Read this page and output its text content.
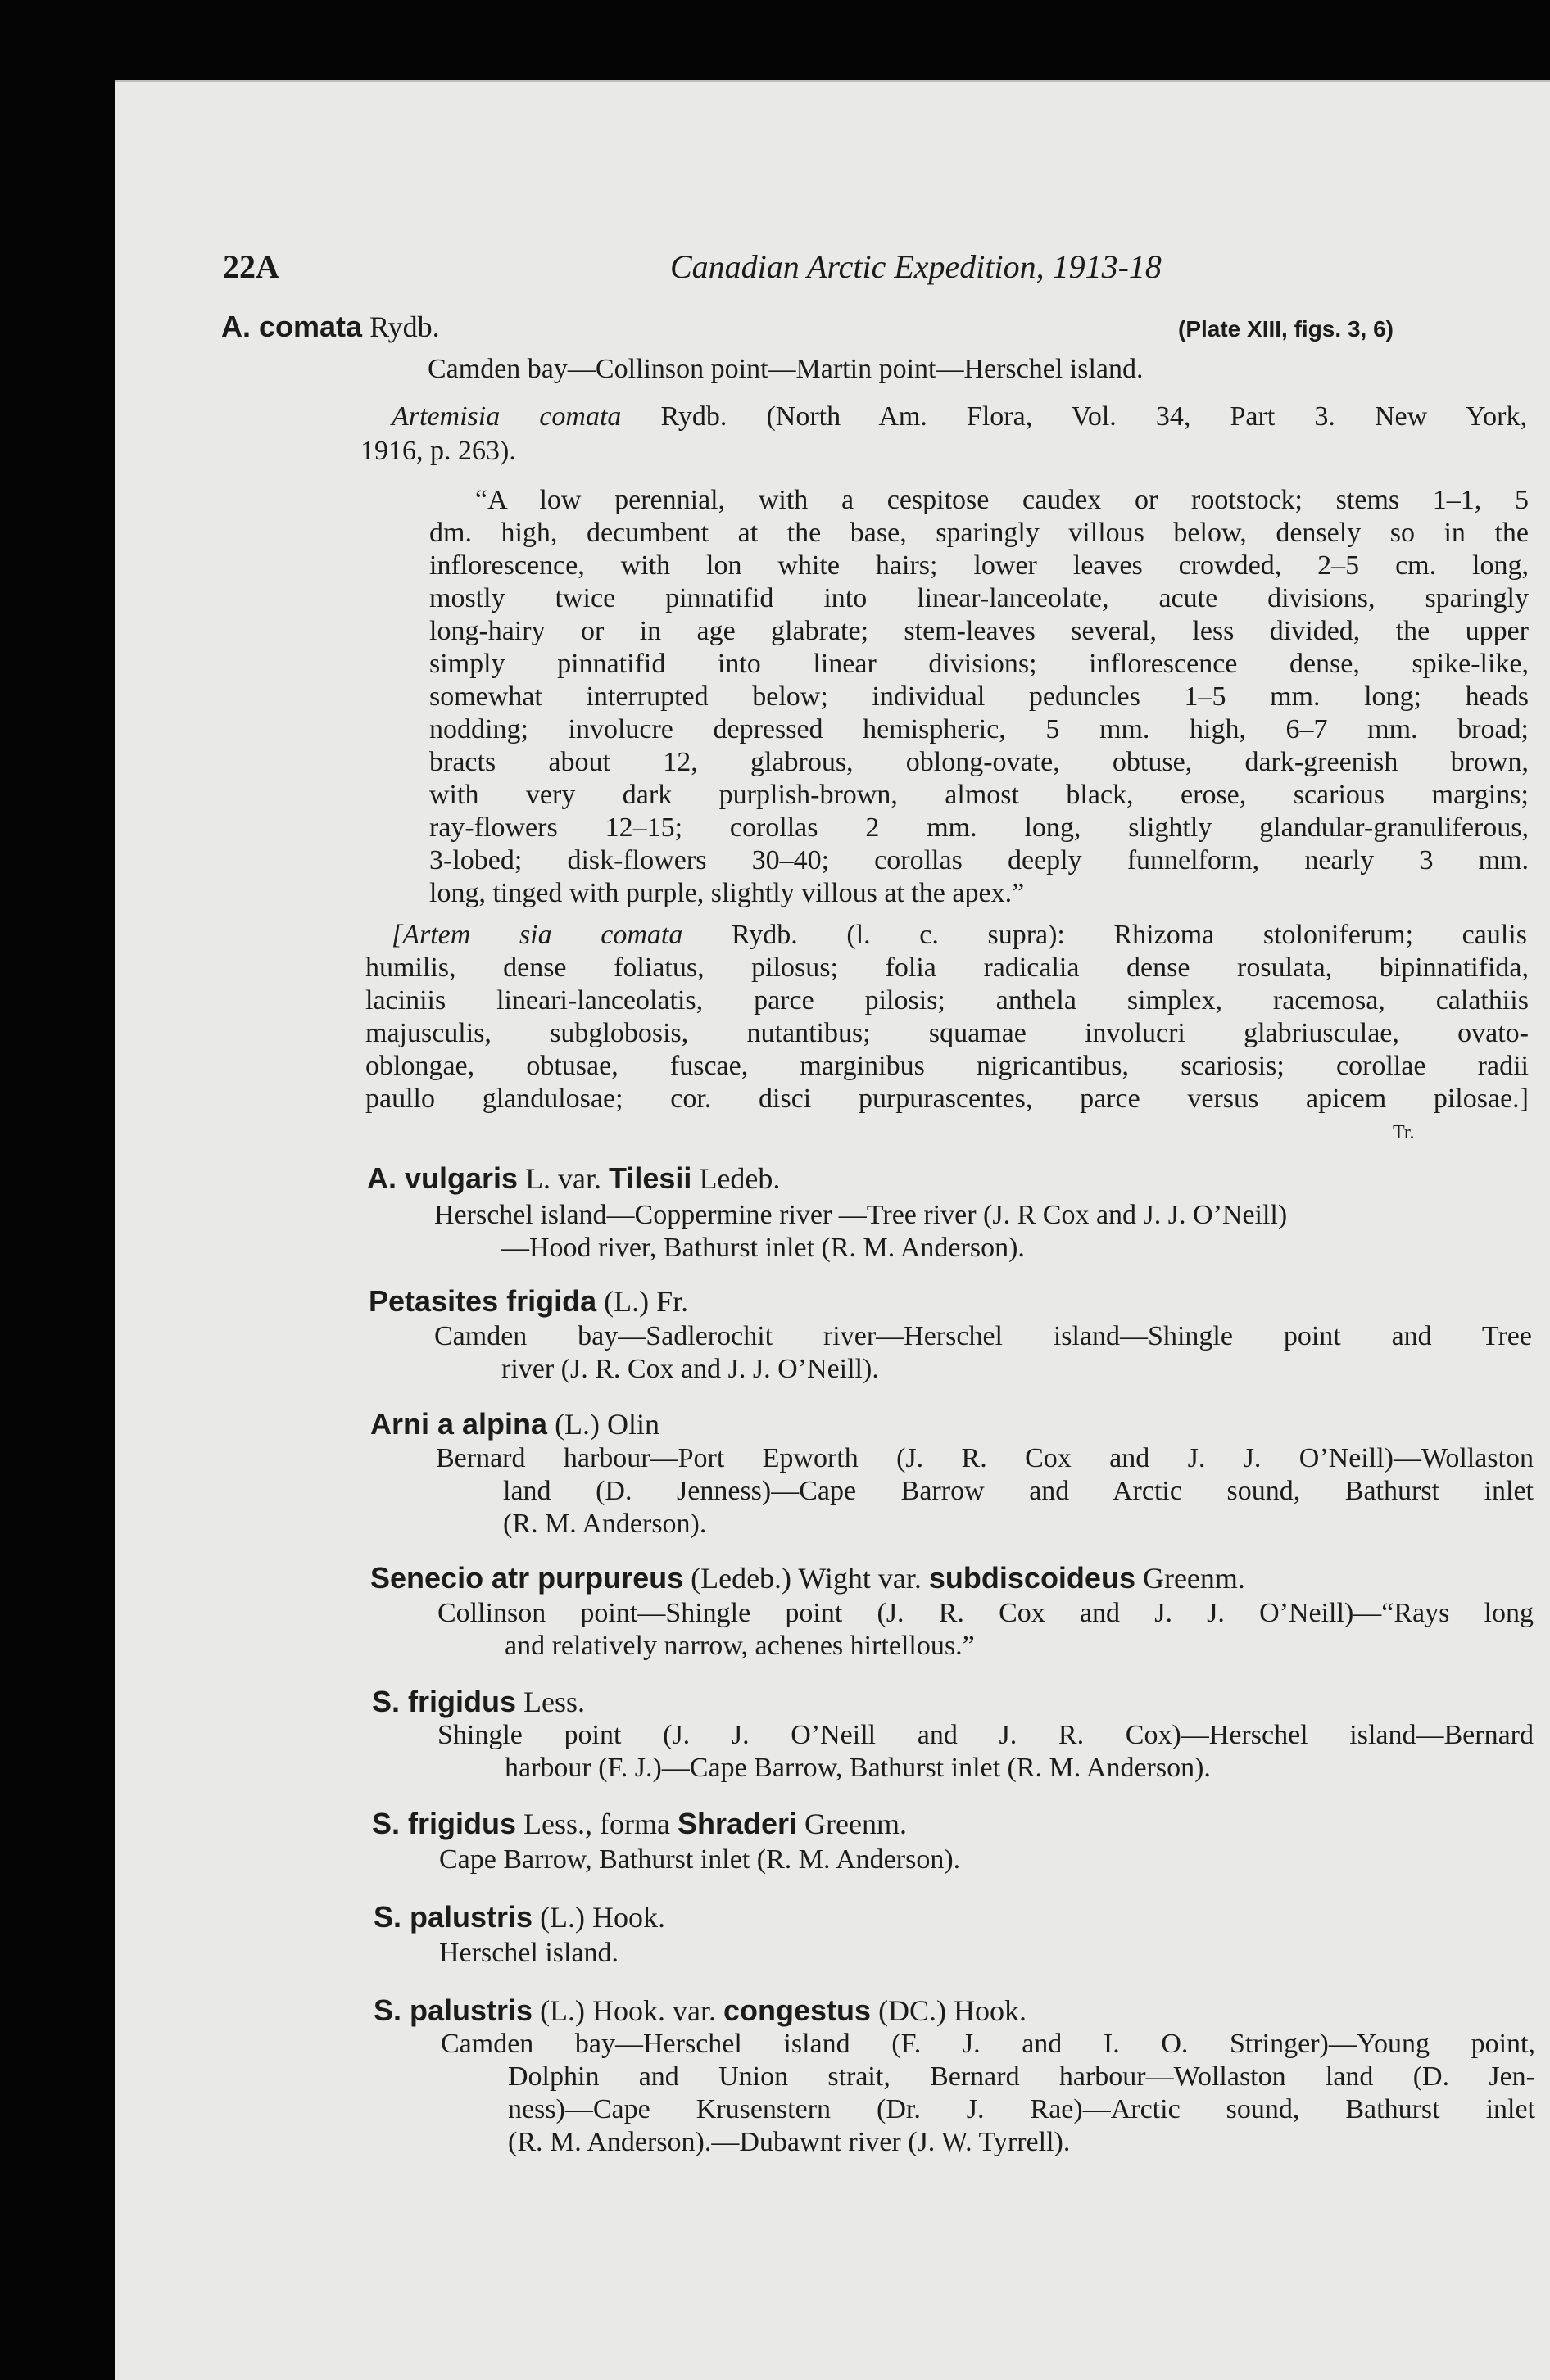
22A	Canadian Arctic Expedition, 1913-18
A. comata Rydb.	(Plate XIII, figs. 3, 6)
Camden bay—Collinson point—Martin point—Herschel island.
Artemisia comata Rydb. (North Am. Flora, Vol. 34, Part 3. New York,
1916, p. 263).
[Artem sia comata Rydb. (l. c. supra): Rhizoma stoloniferum; caulis
Tr.
A. vulgaris L. var. Tilesii Ledeb.
Herschel island—Coppermine river —Tree river (J. R Cox and J. J. O’Neill)
—Hood river, Bathurst inlet (R. M. Anderson).
Petasites frigida (L.) Fr.
Camden bay—Sadlerochit river—Herschel island—Shingle point and Tree
river (J. R. Cox and J. J. O’Neill).
Arni a alpina (L.) Olin
Bernard harbour—Port Epworth (J. R. Cox and J. J. O’Neill)—Wollaston
land (D. Jenness)—Cape Barrow and Arctic sound, Bathurst inlet
(R. M. Anderson).
Senecio atr purpureus (Ledeb.) Wight var. subdiscoideus Greenm.
Collinson point—Shingle point (J. R. Cox and J. J. O’Neill)—“Rays long
and relatively narrow, achenes hirtellous.”
S. frigidus Less.
Shingle point (J. J. O’Neill and J. R. Cox)—Herschel island—Bernard
harbour (F. J.)—Cape Barrow, Bathurst inlet (R. M. Anderson).
S. frigidus Less., forma Shraderi Greenm.
Cape Barrow, Bathurst inlet (R. M. Anderson).
S. palustris (L.) Hook.
Herschel island.
S. palustris (L.) Hook. var. congestus (DC.) Hook.
Camden bay—Herschel island (F. J. and I. O. Stringer)—Young point,
Dolphin and Union strait, Bernard harbour—Wollaston land (D. Jen-
ness)—Cape Krusenstern (Dr. J. Rae)—Arctic sound, Bathurst inlet
(R. M. Anderson).—Dubawnt river (J. W. Tyrrell).
“A low perennial, with a cespitose caudex or rootstock; stems 1–1, 5
dm. high, decumbent at the base, sparingly villous below, densely so in the
inflorescence, with lon white hairs; lower leaves crowded, 2–5 cm. long,
mostly twice pinnatifid into linear-lanceolate, acute divisions, sparingly
long-hairy or in age glabrate; stem-leaves several, less divided, the upper
simply pinnatifid into linear divisions; inflorescence dense, spike-like,
somewhat interrupted below; individual peduncles 1–5 mm. long; heads
nodding; involucre depressed hemispheric, 5 mm. high, 6–7 mm. broad;
bracts about 12, glabrous, oblong-ovate, obtuse, dark-greenish brown,
with very dark purplish-brown, almost black, erose, scarious margins;
ray-flowers 12–15; corollas 2 mm. long, slightly glandular-granuliferous,
3-lobed; disk-flowers 30–40; corollas deeply funnelform, nearly 3 mm.
long, tinged with purple, slightly villous at the apex.”
humilis, dense foliatus, pilosus; folia radicalia dense rosulata, bipinnatifida,
laciniis lineari-lanceolatis, parce pilosis; anthela simplex, racemosa, calathiis
majusculis, subglobosis, nutantibus; squamae involucri glabriusculae, ovato-
oblongae, obtusae, fuscae, marginibus nigricantibus, scariosis; corollae radii
paullo glandulosae; cor. disci purpurascentes, parce versus apicem pilosae.]
